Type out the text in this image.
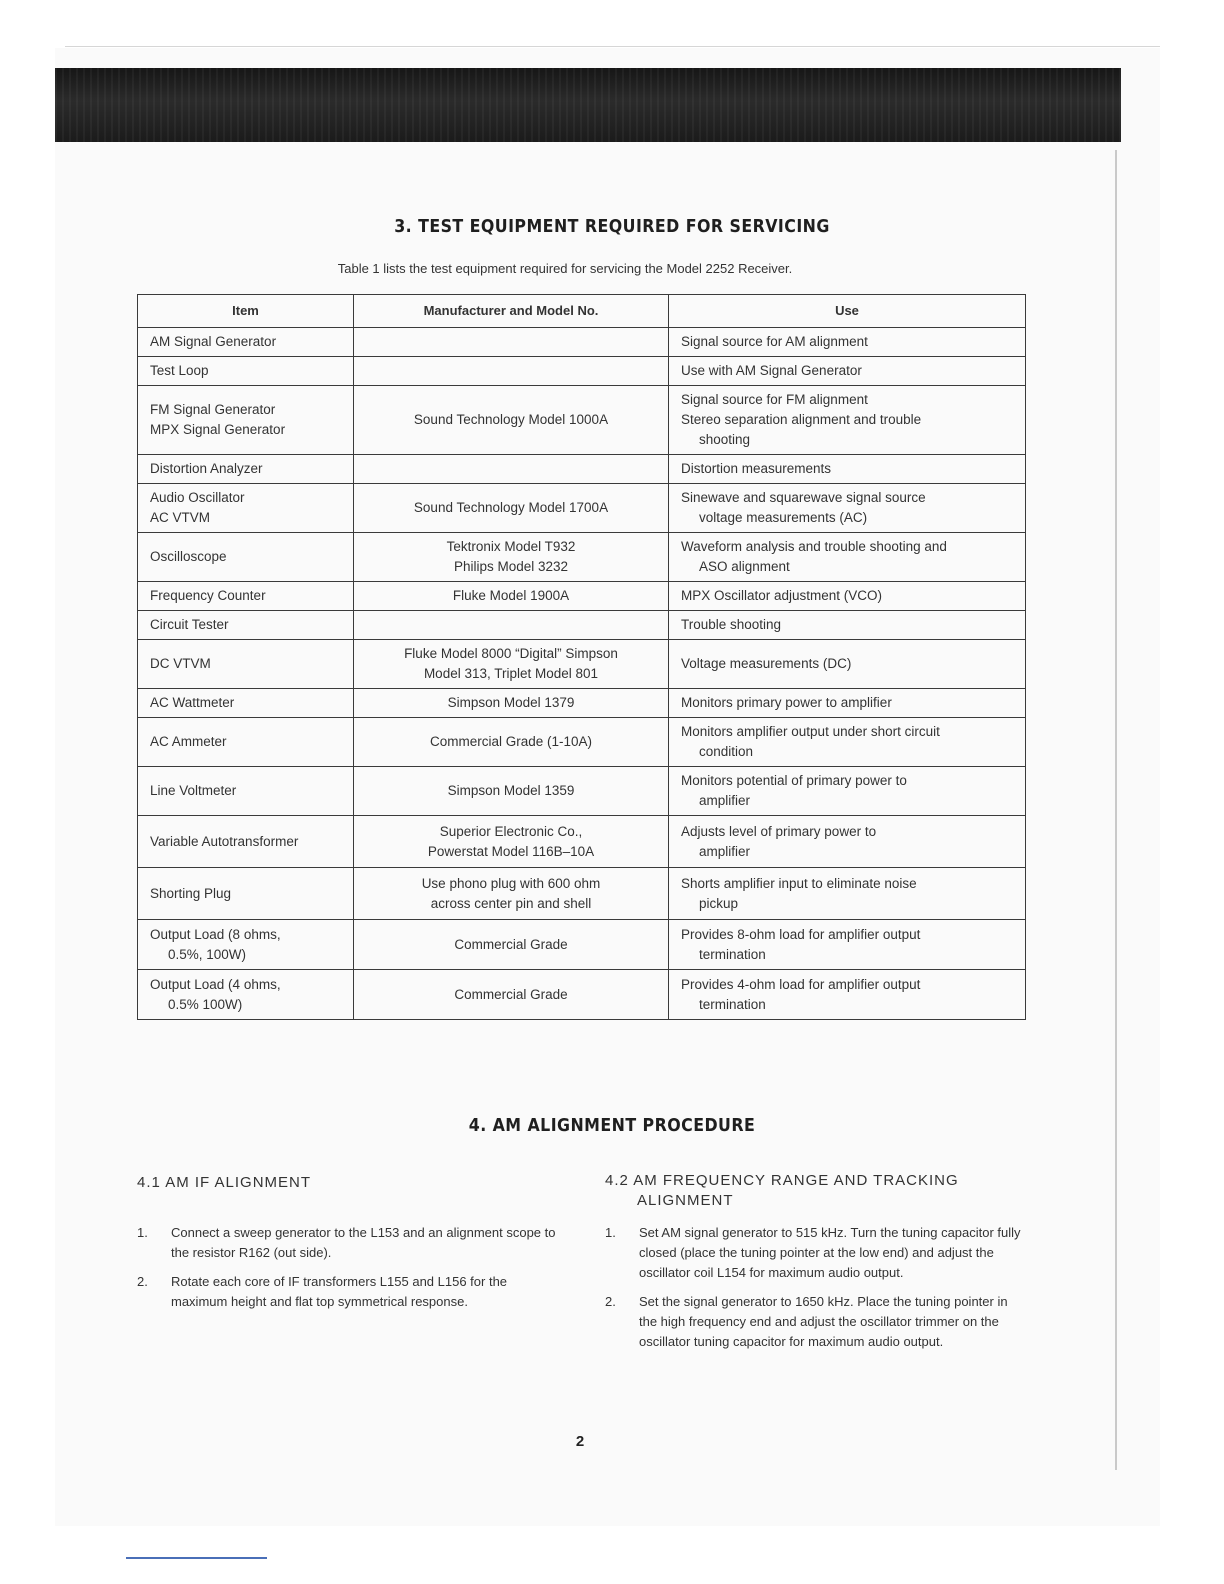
3. TEST EQUIPMENT REQUIRED FOR SERVICING
Table 1 lists the test equipment required for servicing the Model 2252 Receiver.
Item	Manufacturer and Model No.	Use

AM Signal Generator		Signal source for AM alignment

Test Loop		Use with AM Signal Generator

FM Signal Generator
MPX Signal Generator	Sound Technology Model 1000A	Signal source for FM alignment
Stereo separation alignment and trouble
shooting

Distortion Analyzer		Distortion measurements

Audio Oscillator
AC VTVM	Sound Technology Model 1700A	Sinewave and squarewave signal source
voltage measurements (AC)

Oscilloscope	Tektronix Model T932
Philips Model 3232	Waveform analysis and trouble shooting and
ASO alignment

Frequency Counter	Fluke Model 1900A	MPX Oscillator adjustment (VCO)

Circuit Tester		Trouble shooting

DC VTVM	Fluke Model 8000 “Digital” Simpson
Model 313, Triplet Model 801	Voltage measurements (DC)

AC Wattmeter	Simpson Model 1379	Monitors primary power to amplifier

AC Ammeter	Commercial Grade (1-10A)	Monitors amplifier output under short circuit
condition

Line Voltmeter	Simpson Model 1359	Monitors potential of primary power to
amplifier

Variable Autotransformer	Superior Electronic Co.,
Powerstat Model 116B–10A	Adjusts level of primary power to
amplifier

Shorting Plug	Use phono plug with 600 ohm
across center pin and shell	Shorts amplifier input to eliminate noise
pickup

Output Load (8 ohms,
0.5%, 100W)	Commercial Grade	Provides 8-ohm load for amplifier output
termination

Output Load (4 ohms,
0.5% 100W)	Commercial Grade	Provides 4-ohm load for amplifier output
termination
4. AM ALIGNMENT PROCEDURE
4.1 AM IF ALIGNMENT
1. Connect a sweep generator to the L153 and an alignment scope to the resistor R162 (out side).
2. Rotate each core of IF transformers L155 and L156 for the maximum height and flat top symmetrical response.
4.2 AM FREQUENCY RANGE AND TRACKING
ALIGNMENT
1. Set AM signal generator to 515 kHz. Turn the tuning capacitor fully closed (place the tuning pointer at the low end) and adjust the oscillator coil L154 for maximum audio output.
2. Set the signal generator to 1650 kHz. Place the tuning pointer in the high frequency end and adjust the oscillator trimmer on the oscillator tuning capacitor for maximum audio output.
2
